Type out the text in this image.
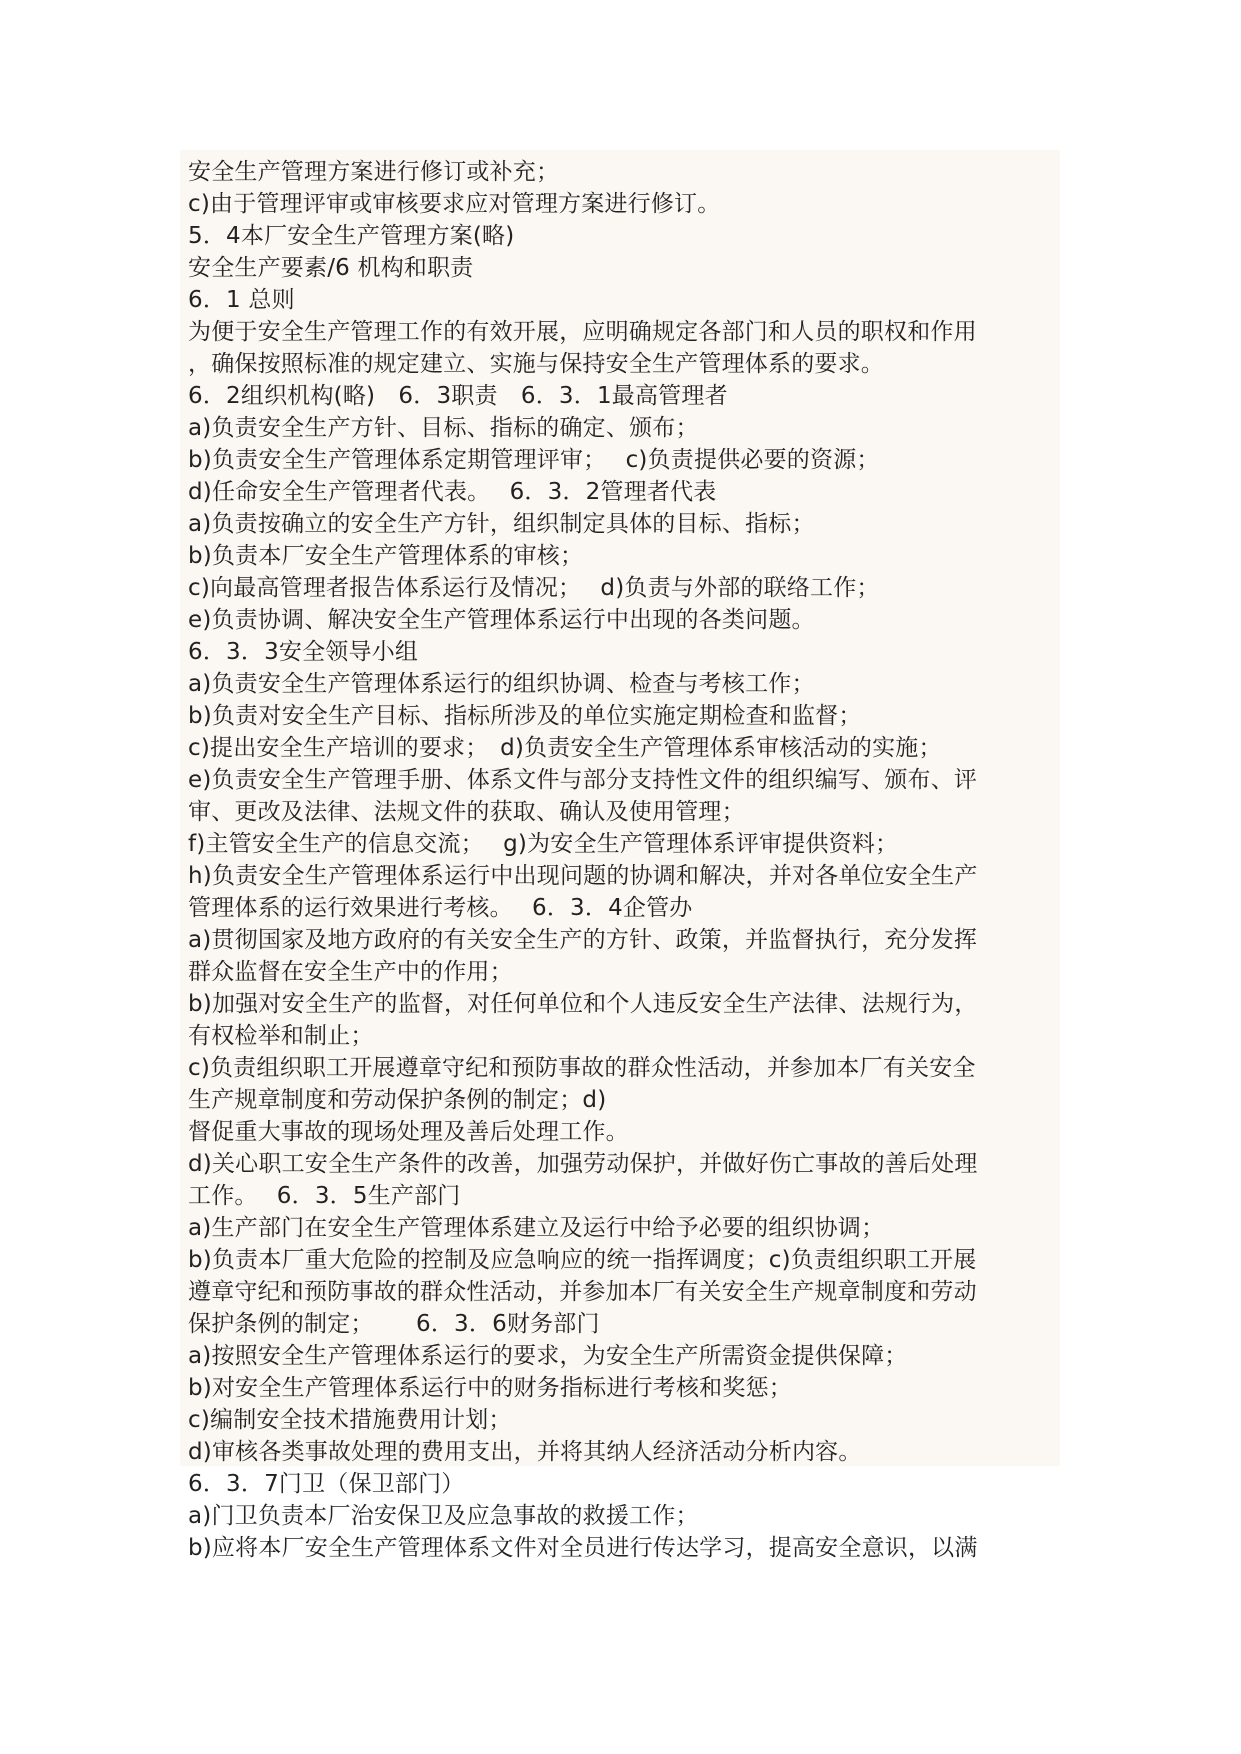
安全生产管理方案进行修订或补充；
c)由于管理评审或审核要求应对管理方案进行修订。
5．4本厂安全生产管理方案(略)
安全生产要素/6 机构和职责
6．1 总则
为便于安全生产管理工作的有效开展，应明确规定各部门和人员的职权和作用
，确保按照标准的规定建立、实施与保持安全生产管理体系的要求。
6．2组织机构(略)　6．3职责　6．3．1最高管理者
a)负责安全生产方针、目标、指标的确定、颁布；
b)负责安全生产管理体系定期管理评审；　 c)负责提供必要的资源；
d)任命安全生产管理者代表。　 6．3．2管理者代表
a)负责按确立的安全生产方针，组织制定具体的目标、指标；
b)负责本厂安全生产管理体系的审核；
c)向最高管理者报告体系运行及情况；　 d)负责与外部的联络工作；
e)负责协调、解决安全生产管理体系运行中出现的各类问题。
6．3．3安全领导小组
a)负责安全生产管理体系运行的组织协调、检查与考核工作；
b)负责对安全生产目标、指标所涉及的单位实施定期检查和监督；
c)提出安全生产培训的要求；　d)负责安全生产管理体系审核活动的实施；
e)负责安全生产管理手册、体系文件与部分支持性文件的组织编写、颁布、评
审、更改及法律、法规文件的获取、确认及使用管理；
f)主管安全生产的信息交流；　 g)为安全生产管理体系评审提供资料；
h)负责安全生产管理体系运行中出现问题的协调和解决，并对各单位安全生产
管理体系的运行效果进行考核。　 6．3．4企管办
a)贯彻国家及地方政府的有关安全生产的方针、政策，并监督执行，充分发挥
群众监督在安全生产中的作用；
b)加强对安全生产的监督，对任何单位和个人违反安全生产法律、法规行为，
有权检举和制止；
c)负责组织职工开展遵章守纪和预防事故的群众性活动，并参加本厂有关安全
生产规章制度和劳动保护条例的制定；d)
督促重大事故的现场处理及善后处理工作。
d)关心职工安全生产条件的改善，加强劳动保护，并做好伤亡事故的善后处理
工作。　 6．3．5生产部门
a)生产部门在安全生产管理体系建立及运行中给予必要的组织协调；
b)负责本厂重大危险的控制及应急响应的统一指挥调度；c)负责组织职工开展
遵章守纪和预防事故的群众性活动，并参加本厂有关安全生产规章制度和劳动
保护条例的制定；　　 6．3．6财务部门
a)按照安全生产管理体系运行的要求，为安全生产所需资金提供保障；
b)对安全生产管理体系运行中的财务指标进行考核和奖惩；
c)编制安全技术措施费用计划；
d)审核各类事故处理的费用支出，并将其纳人经济活动分析内容。
6．3．7门卫（保卫部门）
a)门卫负责本厂治安保卫及应急事故的救援工作；
b)应将本厂安全生产管理体系文件对全员进行传达学习，提高安全意识，以满
